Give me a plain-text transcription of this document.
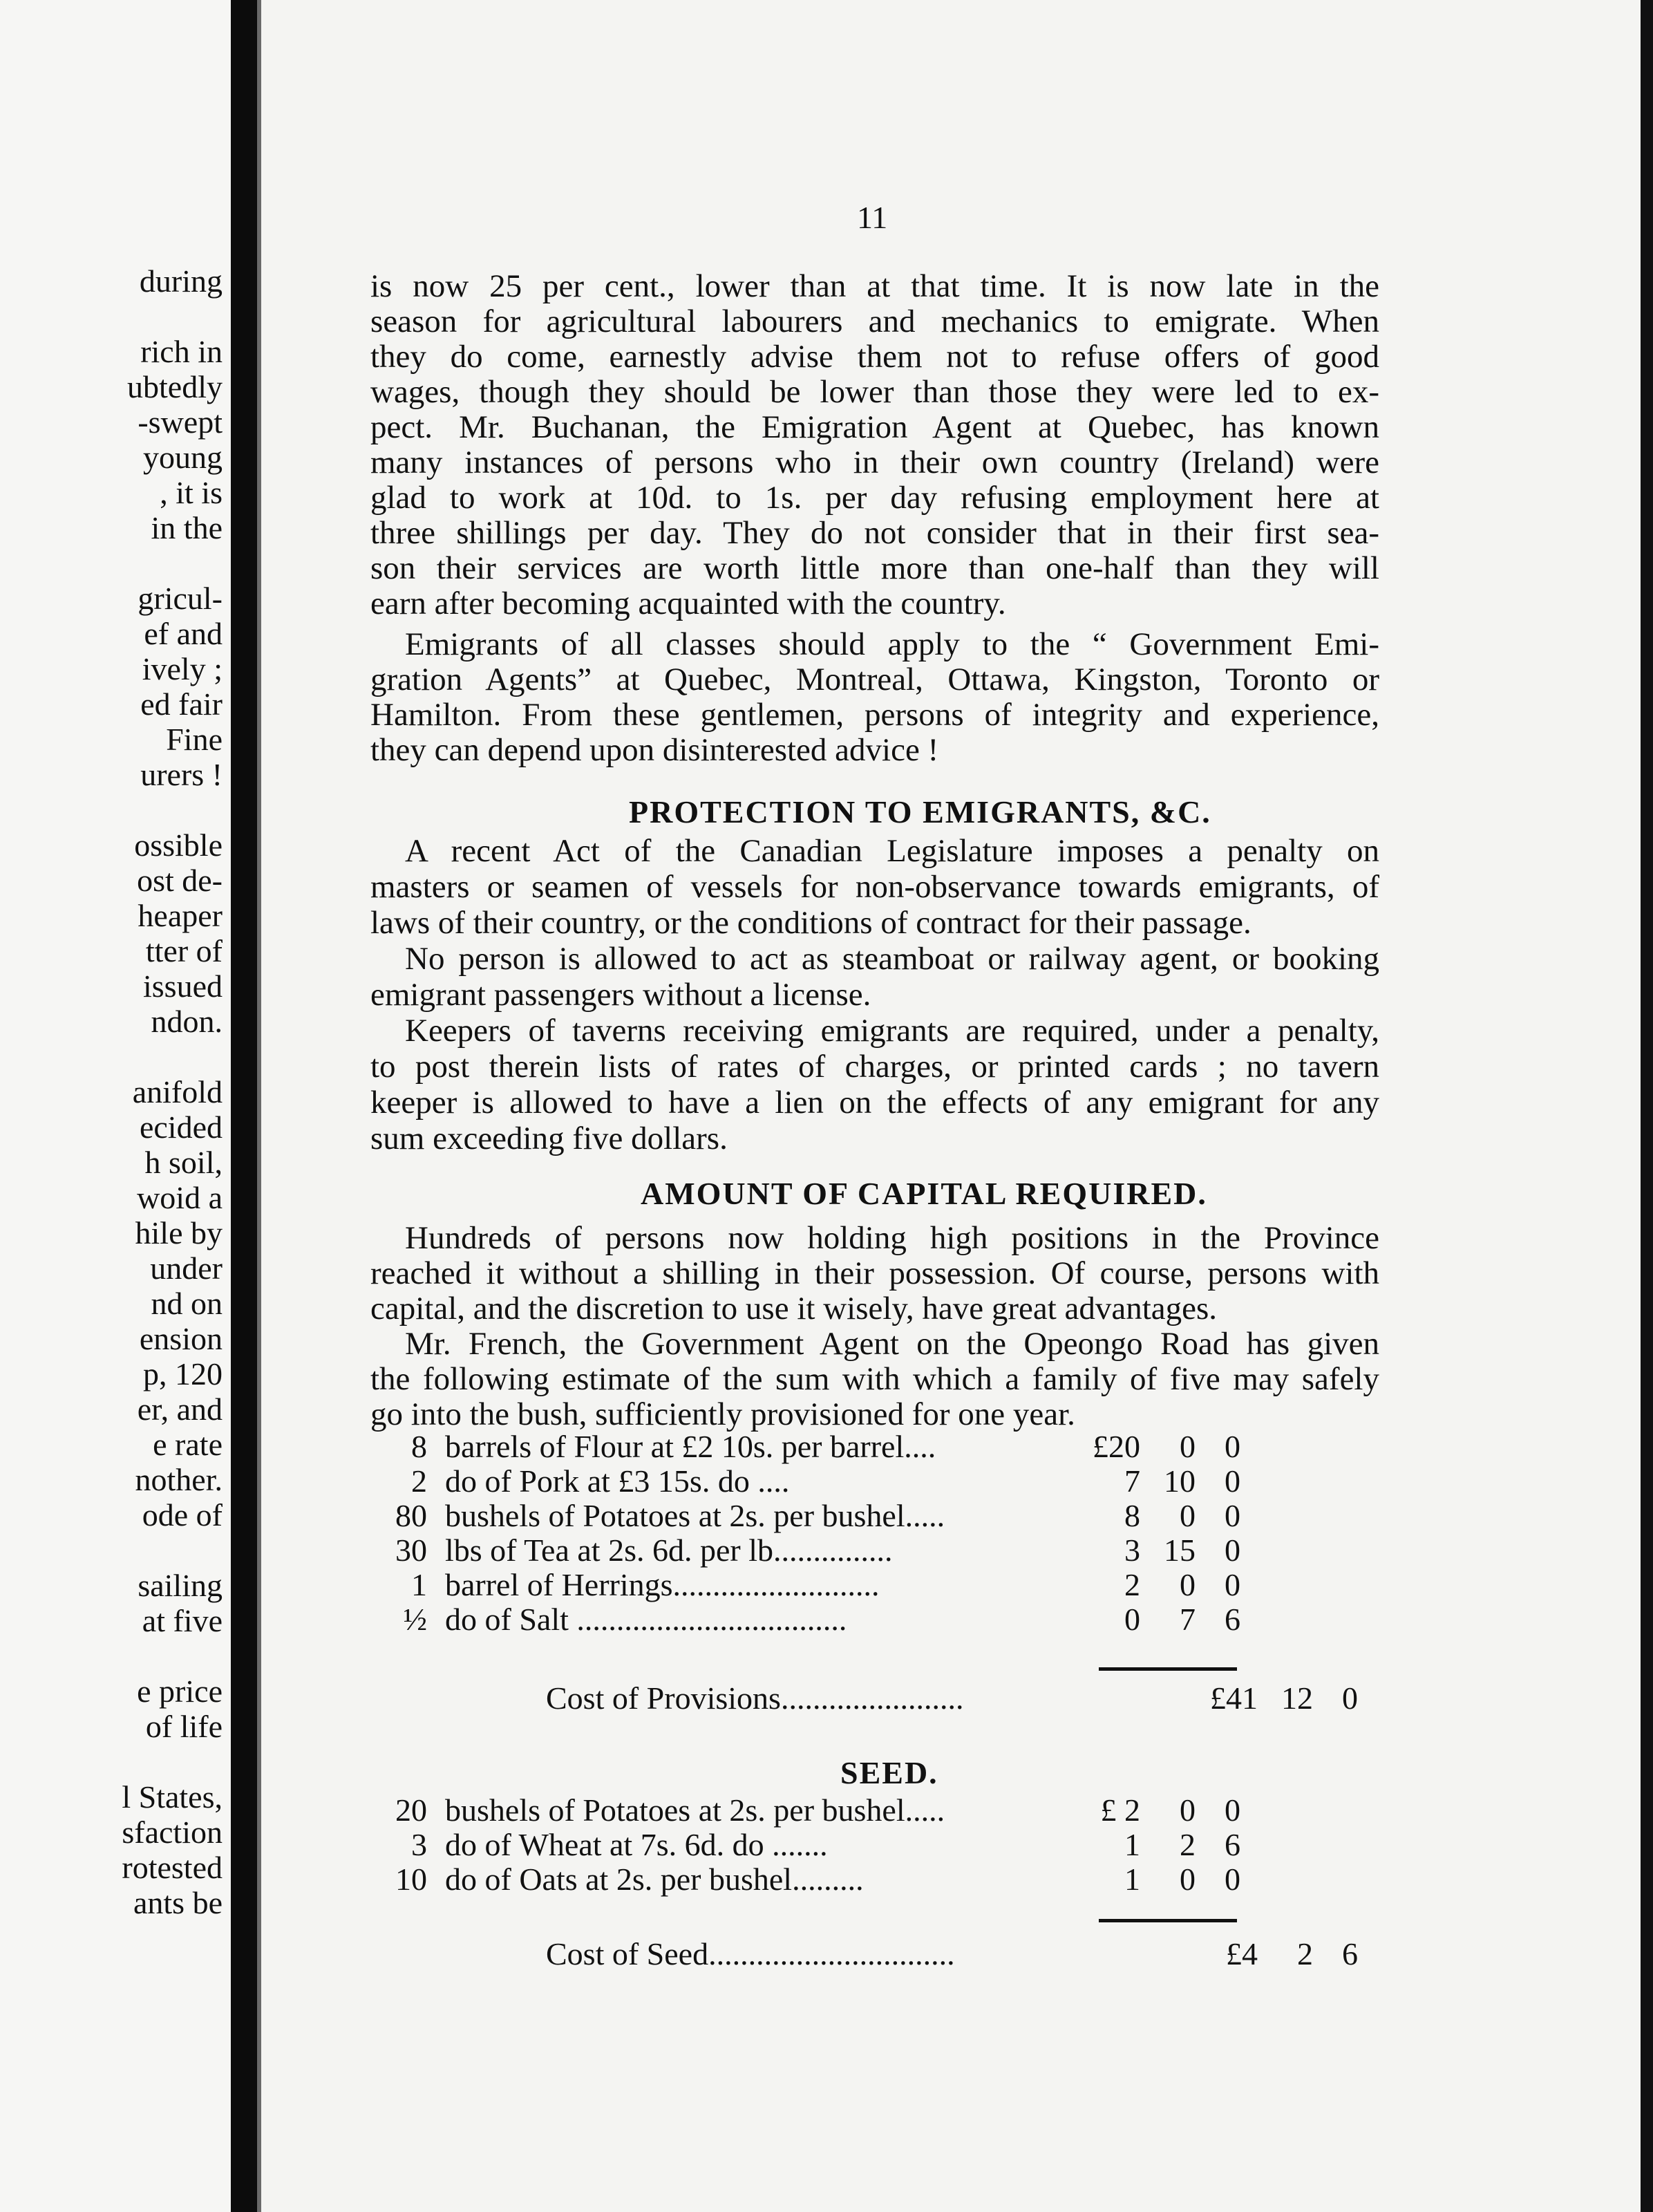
during
rich in
ubtedly
-swept
young
, it is
in the
gricul-
ef and
ively ;
ed fair
Fine
urers !
ossible
ost de-
heaper
tter of
issued
ndon.
anifold
ecided
h soil,
woid a
hile by
under
nd on
ension
p, 120
er, and
e rate
nother.
ode of
sailing
at five
e price
of life
l States,
sfaction
rotested
ants be
11
is now 25 per cent., lower than at that time. It is now late in the
season for agricultural labourers and mechanics to emigrate. When
they do come, earnestly advise them not to refuse offers of good
wages, though they should be lower than those they were led to ex-
pect. Mr. Buchanan, the Emigration Agent at Quebec, has known
many instances of persons who in their own country (Ireland) were
glad to work at 10d. to 1s. per day refusing employment here at
three shillings per day. They do not consider that in their first sea-
son their services are worth little more than one-half than they will
earn after becoming acquainted with the country.
Emigrants of all classes should apply to the “ Government Emi-
gration Agents” at Quebec, Montreal, Ottawa, Kingston, Toronto or
Hamilton. From these gentlemen, persons of integrity and experience,
they can depend upon disinterested advice !
PROTECTION TO EMIGRANTS, &C.
A recent Act of the Canadian Legislature imposes a penalty on
masters or seamen of vessels for non-observance towards emigrants, of
laws of their country, or the conditions of contract for their passage.
No person is allowed to act as steamboat or railway agent, or booking
emigrant passengers without a license.
Keepers of taverns receiving emigrants are required, under a penalty,
to post therein lists of rates of charges, or printed cards ; no tavern
keeper is allowed to have a lien on the effects of any emigrant for any
sum exceeding five dollars.
AMOUNT OF CAPITAL REQUIRED.
Hundreds of persons now holding high positions in the Province
reached it without a shilling in their possession. Of course, persons with
capital, and the discretion to use it wisely, have great advantages.
Mr. French, the Government Agent on the Opeongo Road has given
the following estimate of the sum with which a family of five may safely
go into the bush, sufficiently provisioned for one year.
8 barrels of Flour at £2 10s. per barrel....	£20	0 0
2 do of Pork at £3 15s. do ....	7 10 0
80 bushels of Potatoes at 2s. per bushel.....	8	0 0
30 lbs of Tea at 2s. 6d. per lb...............	3 15 0
1 barrel of Herrings..........................	2	0 0
½ do of Salt ..................................	0	7 6
Cost of Provisions.......................	£41 12 0
SEED.
20 bushels of Potatoes at 2s. per bushel.....	£ 2	0 0
3 do of Wheat at 7s. 6d. do .......	1	2 6
10 do of Oats at 2s. per bushel.........	1	0 0
Cost of Seed...............................	£4	2 6
